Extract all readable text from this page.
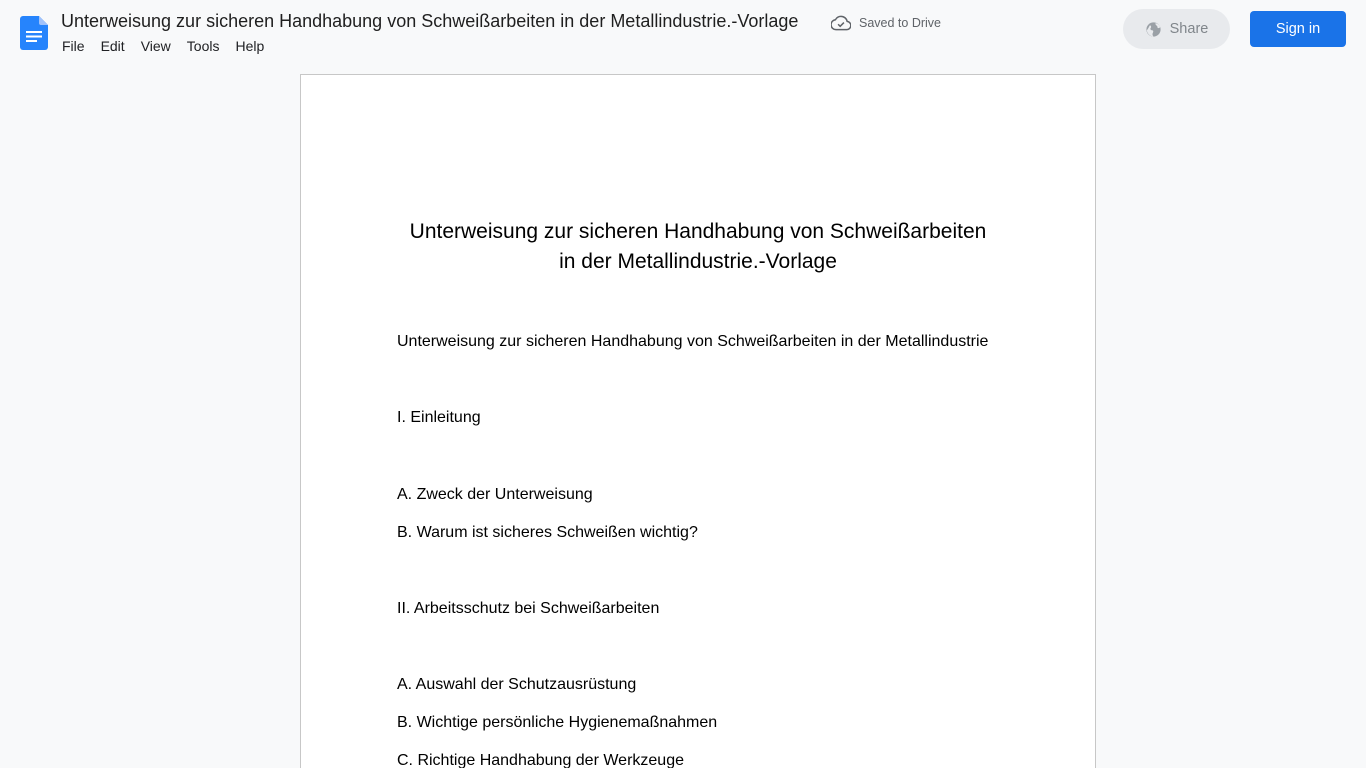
Unterweisung zur sicheren Handhabung von Schweißarbeiten in der Metallindustrie.-Vorlage	Saved to Drive
File	Edit	View	Tools	Help
Share	Sign in
Unterweisung zur sicheren Handhabung von Schweißarbeiten
in der Metallindustrie.-Vorlage
Unterweisung zur sicheren Handhabung von Schweißarbeiten in der Metallindustrie
I. Einleitung
A. Zweck der Unterweisung
B. Warum ist sicheres Schweißen wichtig?
II. Arbeitsschutz bei Schweißarbeiten
A. Auswahl der Schutzausrüstung
B. Wichtige persönliche Hygienemaßnahmen
C. Richtige Handhabung der Werkzeuge
